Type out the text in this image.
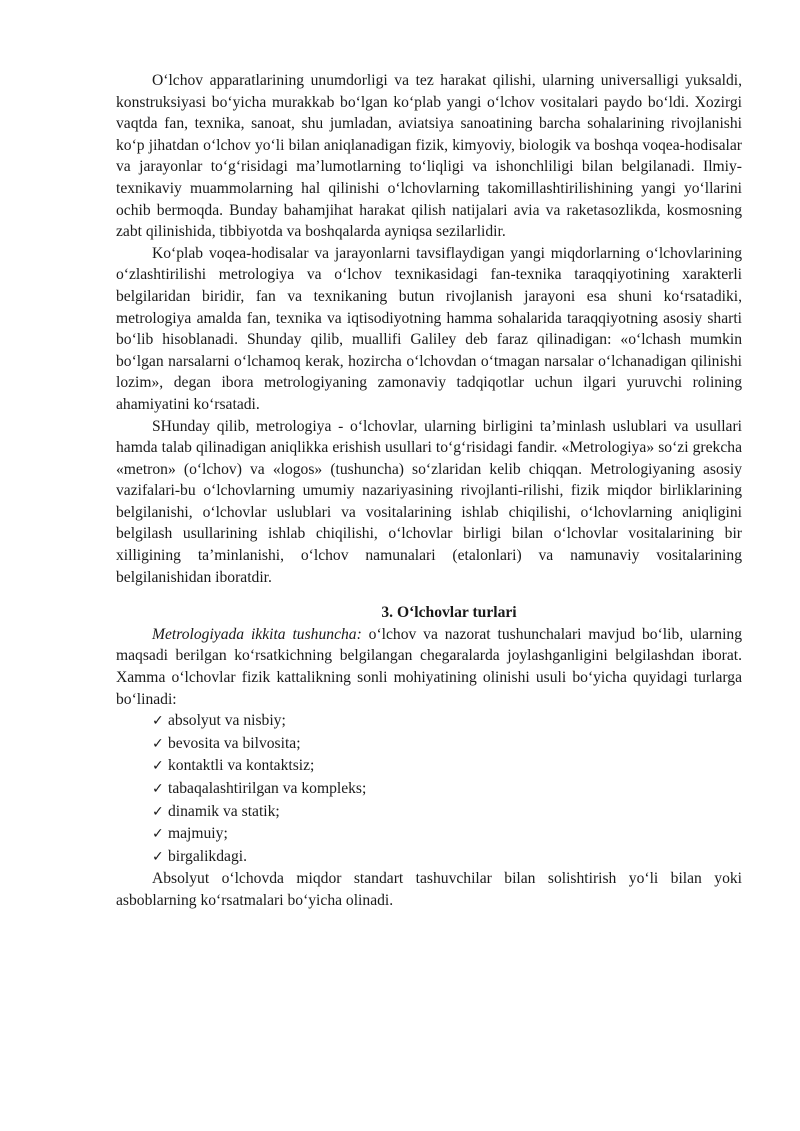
O‘lchov apparatlarining unumdorligi va tez harakat qilishi, ularning universalligi yuksaldi, konstruksiyasi bo‘yicha murakkab bo‘lgan ko‘plab yangi o‘lchov vositalari paydo bo‘ldi. Xozirgi vaqtda fan, texnika, sanoat, shu jumladan, aviatsiya sanoatining barcha sohalarining rivojlanishi ko‘p jihatdan o‘lchov yo‘li bilan aniqlanadigan fizik, kimyoviy, biologik va boshqa voqea-hodisalar va jarayonlar to‘g‘risidagi ma’lumotlarning to‘liqligi va ishonchliligi bilan belgilanadi. Ilmiy-texnikaviy muammolarning hal qilinishi o‘lchovlarning takomillashtirilishining yangi yo‘llarini ochib bermoqda. Bunday bahamjihat harakat qilish natijalari avia va raketasozlikda, kosmosning zabt qilinishida, tibbiyotda va boshqalarda ayniqsa sezilarlidir.

Ko‘plab voqea-hodisalar va jarayonlarni tavsiflaydigan yangi miqdorlarning o‘lchovlarining o‘zlashtirilishi metrologiya va o‘lchov texnikasidagi fan-texnika taraqqiyotining xarakterli belgilaridan biridir, fan va texnikaning butun rivojlanish jarayoni esa shuni ko‘rsatadiki, metrologiya amalda fan, texnika va iqtisodiyotning hamma sohalarida taraqqiyotning asosiy sharti bo‘lib hisoblanadi. Shunday qilib, muallifi Galiley deb faraz qilinadigan: «o‘lchash mumkin bo‘lgan narsalarni o‘lchamoq kerak, hozircha o‘lchovdan o‘tmagan narsalar o‘lchanadigan qilinishi lozim», degan ibora metrologiyaning zamonaviy tadqiqotlar uchun ilgari yuruvchi rolining ahamiyatini ko‘rsatadi.

SHunday qilib, metrologiya - o‘lchovlar, ularning birligini ta’minlash uslublari va usullari hamda talab qilinadigan aniqlikka erishish usullari to‘g‘risidagi fandir. «Metrologiya» so‘zi grekcha «metron» (o‘lchov) va «logos» (tushuncha) so‘zlaridan kelib chiqqan. Metrologiyaning asosiy vazifalari-bu o‘lchovlarning umumiy nazariyasining rivojlanti-rilishi, fizik miqdor birliklarining belgilanishi, o‘lchovlar uslublari va vositalarining ishlab chiqilishi, o‘lchovlarning aniqligini belgilash usullarining ishlab chiqilishi, o‘lchovlar birligi bilan o‘lchovlar vositalarining bir xilligining ta’minlanishi, o‘lchov namunalari (etalonlari) va namunaviy vositalarining belgilanishidan iboratdir.

3. O‘lchovlar turlari

Metrologiyada ikkita tushuncha: o‘lchov va nazorat tushunchalari mavjud bo‘lib, ularning maqsadi berilgan ko‘rsatkichning belgilangan chegaralarda joylashganligini belgilashdan iborat. Xamma o‘lchovlar fizik kattalikning sonli mohiyatining olinishi usuli bo‘yicha quyidagi turlarga bo‘linadi:

✓ absolyut va nisbiy;
✓ bevosita va bilvosita;
✓ kontaktli va kontaktsiz;
✓ tabaqalashtirilgan va kompleks;
✓ dinamik va statik;
✓ majmuiy;
✓ birgalikdagi.

Absolyut o‘lchovda miqdor standart tashuvchilar bilan solishtirish yo‘li bilan yoki asboblarning ko‘rsatmalari bo‘yicha olinadi.
